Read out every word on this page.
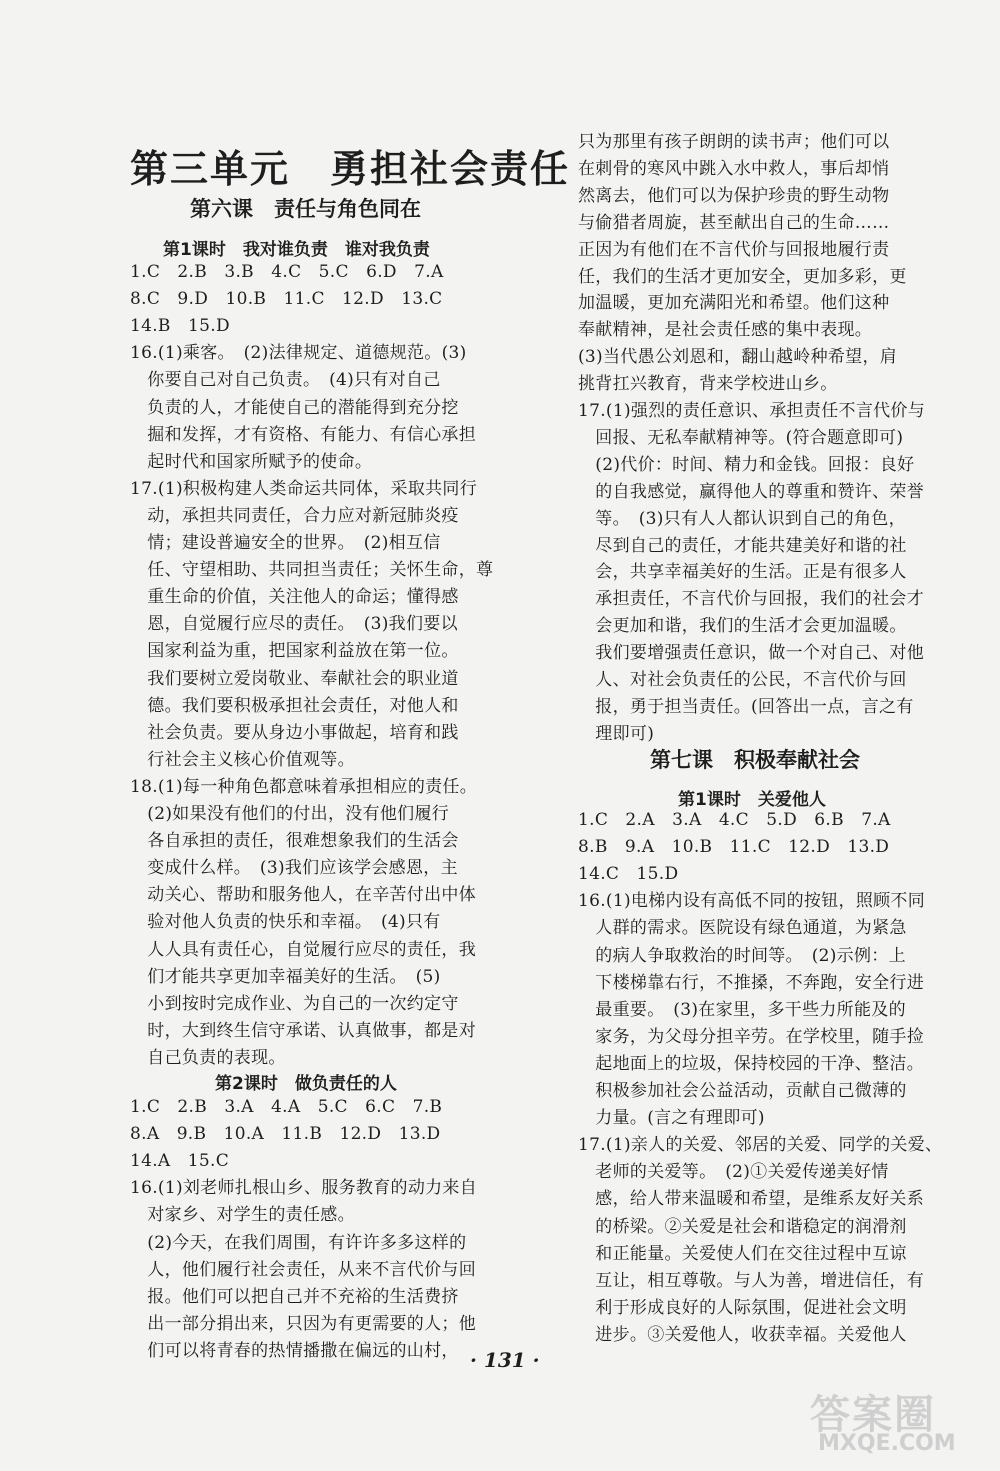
第三单元　勇担社会责任
第六课　责任与角色同在
第1课时　我对谁负责　谁对我负责
1.C　2.B　3.B　4.C　5.C　6.D　7.A
8.C　9.D　10.B　11.C　12.D　13.C
14.B　15.D
16.(1)乘客。　(2)法律规定、道德规范。(3)
　你要自己对自己负责。　(4)只有对自己
　负责的人，才能使自己的潜能得到充分挖
　掘和发挥，才有资格、有能力、有信心承担
　起时代和国家所赋予的使命。
17.(1)积极构建人类命运共同体，采取共同行
　动，承担共同责任，合力应对新冠肺炎疫
　情；建设普遍安全的世界。　(2)相互信
　任、守望相助、共同担当责任；关怀生命，尊
　重生命的价值，关注他人的命运；懂得感
　恩，自觉履行应尽的责任。　(3)我们要以
　国家利益为重，把国家利益放在第一位。
　我们要树立爱岗敬业、奉献社会的职业道
　德。我们要积极承担社会责任，对他人和
　社会负责。要从身边小事做起，培育和践
　行社会主义核心价值观等。
18.(1)每一种角色都意味着承担相应的责任。
　(2)如果没有他们的付出，没有他们履行
　各自承担的责任，很难想象我们的生活会
　变成什么样。　(3)我们应该学会感恩，主
　动关心、帮助和服务他人，在辛苦付出中体
　验对他人负责的快乐和幸福。　(4)只有
　人人具有责任心，自觉履行应尽的责任，我
　们才能共享更加幸福美好的生活。　(5)
　小到按时完成作业、为自己的一次约定守
　时，大到终生信守承诺、认真做事，都是对
　自己负责的表现。
第2课时　做负责任的人
1.C　2.B　3.A　4.A　5.C　6.C　7.B
8.A　9.B　10.A　11.B　12.D　13.D
14.A　15.C
16.(1)刘老师扎根山乡、服务教育的动力来自
　对家乡、对学生的责任感。
　(2)今天，在我们周围，有许许多多这样的
　人，他们履行社会责任，从来不言代价与回
　报。他们可以把自己并不充裕的生活费挤
　出一部分捐出来，只因为有更需要的人；他
　们可以将青春的热情播撒在偏远的山村，
只为那里有孩子朗朗的读书声；他们可以
在刺骨的寒风中跳入水中救人，事后却悄
然离去，他们可以为保护珍贵的野生动物
与偷猎者周旋，甚至献出自己的生命……
正因为有他们在不言代价与回报地履行责
任，我们的生活才更加安全，更加多彩，更
加温暖，更加充满阳光和希望。他们这种
奉献精神，是社会责任感的集中表现。
(3)当代愚公刘恩和，翻山越岭种希望，肩
挑背扛兴教育，背来学校进山乡。
17.(1)强烈的责任意识、承担责任不言代价与
　回报、无私奉献精神等。(符合题意即可)
　(2)代价：时间、精力和金钱。回报：良好
　的自我感觉，赢得他人的尊重和赞许、荣誉
　等。　(3)只有人人都认识到自己的角色，
　尽到自己的责任，才能共建美好和谐的社
　会，共享幸福美好的生活。正是有很多人
　承担责任，不言代价与回报，我们的社会才
　会更加和谐，我们的生活才会更加温暖。
　我们要增强责任意识，做一个对自己、对他
　人、对社会负责任的公民，不言代价与回
　报，勇于担当责任。(回答出一点，言之有
　理即可)
第七课　积极奉献社会
第1课时　关爱他人
1.C　2.A　3.A　4.C　5.D　6.B　7.A
8.B　9.A　10.B　11.C　12.D　13.D
14.C　15.D
16.(1)电梯内设有高低不同的按钮，照顾不同
　人群的需求。医院设有绿色通道，为紧急
　的病人争取救治的时间等。　(2)示例：上
　下楼梯靠右行，不推搡，不奔跑，安全行进
　最重要。　(3)在家里，多干些力所能及的
　家务，为父母分担辛劳。在学校里，随手捡
　起地面上的垃圾，保持校园的干净、整洁。
　积极参加社会公益活动，贡献自己微薄的
　力量。(言之有理即可)
17.(1)亲人的关爱、邻居的关爱、同学的关爱、
　老师的关爱等。　(2)①关爱传递美好情
　感，给人带来温暖和希望，是维系友好关系
　的桥梁。②关爱是社会和谐稳定的润滑剂
　和正能量。关爱使人们在交往过程中互谅
　互让，相互尊敬。与人为善，增进信任，有
　利于形成良好的人际氛围，促进社会文明
　进步。③关爱他人，收获幸福。关爱他人
· 131 ·
答案圈
MXQE.COM
